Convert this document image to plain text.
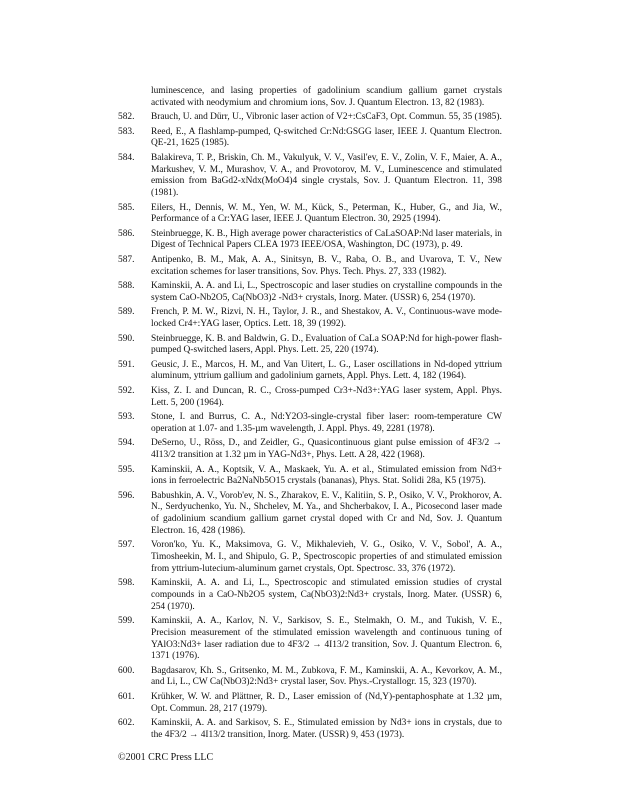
luminescence, and lasing properties of gadolinium scandium gallium garnet crystals activated with neodymium and chromium ions, Sov. J. Quantum Electron. 13, 82 (1983).
582.	Brauch, U. and Dürr, U., Vibronic laser action of V2+:CsCaF3, Opt. Commun. 55, 35 (1985).
583.	Reed, E., A flashlamp-pumped, Q-switched Cr:Nd:GSGG laser, IEEE J. Quantum Electron. QE-21, 1625 (1985).
584.	Balakireva, T. P., Briskin, Ch. M., Vakulyuk, V. V., Vasil'ev, E. V., Zolin, V. F., Maier, A. A., Markushev, V. M., Murashov, V. A., and Provotorov, M. V., Luminescence and stimulated emission from BaGd2-xNdx(MoO4)4 single crystals, Sov. J. Quantum Electron. 11, 398 (1981).
585.	Eilers, H., Dennis, W. M., Yen, W. M., Kück, S., Peterman, K., Huber, G., and Jia, W., Performance of a Cr:YAG laser, IEEE J. Quantum Electron. 30, 2925 (1994).
586.	Steinbruegge, K. B., High average power characteristics of CaLaSOAP:Nd laser materials, in Digest of Technical Papers CLEA 1973 IEEE/OSA, Washington, DC (1973), p. 49.
587.	Antipenko, B. M., Mak, A. A., Sinitsyn, B. V., Raba, O. B., and Uvarova, T. V., New excitation schemes for laser transitions, Sov. Phys. Tech. Phys. 27, 333 (1982).
588.	Kaminskii, A. A. and Li, L., Spectroscopic and laser studies on crystalline compounds in the system CaO-Nb2O5, Ca(NbO3)2 -Nd3+ crystals, Inorg. Mater. (USSR) 6, 254 (1970).
589.	French, P. M. W., Rizvi, N. H., Taylor, J. R., and Shestakov, A. V., Continuous-wave mode-locked Cr4+:YAG laser, Optics. Lett. 18, 39 (1992).
590.	Steinbruegge, K. B. and Baldwin, G. D., Evaluation of CaLa SOAP:Nd for high-power flash-pumped Q-switched lasers, Appl. Phys. Lett. 25, 220 (1974).
591.	Geusic, J. E., Marcos, H. M., and Van Uitert, L. G., Laser oscillations in Nd-doped yttrium aluminum, yttrium gallium and gadolinium garnets, Appl. Phys. Lett. 4, 182 (1964).
592.	Kiss, Z. I. and Duncan, R. C., Cross-pumped Cr3+-Nd3+:YAG laser system, Appl. Phys. Lett. 5, 200 (1964).
593.	Stone, I. and Burrus, C. A., Nd:Y2O3-single-crystal fiber laser: room-temperature CW operation at 1.07- and 1.35-µm wavelength, J. Appl. Phys. 49, 2281 (1978).
594.	DeSerno, U., Röss, D., and Zeidler, G., Quasicontinuous giant pulse emission of 4F3/2 → 4I13/2 transition at 1.32 µm in YAG-Nd3+, Phys. Lett. A 28, 422 (1968).
595.	Kaminskii, A. A., Koptsik, V. A., Maskaek, Yu. A. et al., Stimulated emission from Nd3+ ions in ferroelectric Ba2NaNb5O15 crystals (bananas), Phys. Stat. Solidi 28a, K5 (1975).
596.	Babushkin, A. V., Vorob'ev, N. S., Zharakov, E. V., Kalitiin, S. P., Osiko, V. V., Prokhorov, A. N., Serdyuchenko, Yu. N., Shchelev, M. Ya., and Shcherbakov, I. A., Picosecond laser made of gadolinium scandium gallium garnet crystal doped with Cr and Nd, Sov. J. Quantum Electron. 16, 428 (1986).
597.	Voron'ko, Yu. K., Maksimova, G. V., Mikhalevieh, V. G., Osiko, V. V., Sobol', A. A., Timosheekin, M. I., and Shipulo, G. P., Spectroscopic properties of and stimulated emission from yttrium-lutecium-aluminum garnet crystals, Opt. Spectrosc. 33, 376 (1972).
598.	Kaminskii, A. A. and Li, L., Spectroscopic and stimulated emission studies of crystal compounds in a CaO-Nb2O5 system, Ca(NbO3)2:Nd3+ crystals, Inorg. Mater. (USSR) 6, 254 (1970).
599.	Kaminskii, A. A., Karlov, N. V., Sarkisov, S. E., Stelmakh, O. M., and Tukish, V. E., Precision measurement of the stimulated emission wavelength and continuous tuning of YAlO3:Nd3+ laser radiation due to 4F3/2 → 4I13/2 transition, Sov. J. Quantum Electron. 6, 1371 (1976).
600.	Bagdasarov, Kh. S., Gritsenko, M. M., Zubkova, F. M., Kaminskii, A. A., Kevorkov, A. M., and Li, L., CW Ca(NbO3)2:Nd3+ crystal laser, Sov. Phys.-Crystallogr. 15, 323 (1970).
601.	Krühker, W. W. and Plättner, R. D., Laser emission of (Nd,Y)-pentaphosphate at 1.32 µm, Opt. Commun. 28, 217 (1979).
602.	Kaminskii, A. A. and Sarkisov, S. E., Stimulated emission by Nd3+ ions in crystals, due to the 4F3/2 → 4I13/2 transition, Inorg. Mater. (USSR) 9, 453 (1973).
©2001 CRC Press LLC
